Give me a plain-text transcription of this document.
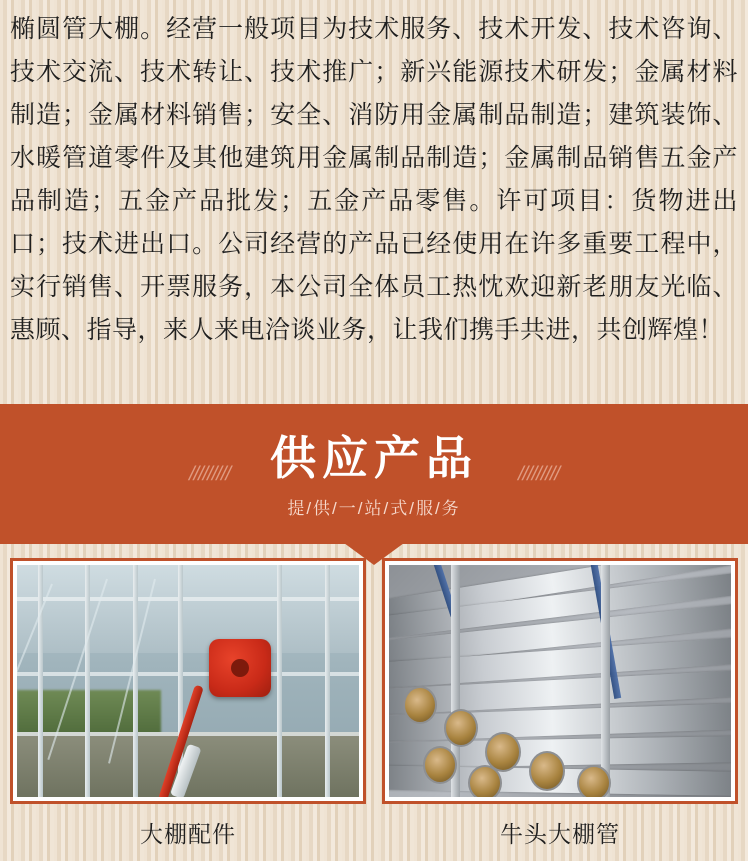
椭圆管大棚。经营一般项目为技术服务、技术开发、技术咨询、技术交流、技术转让、技术推广；新兴能源技术研发；金属材料制造；金属材料销售；安全、消防用金属制品制造；建筑装饰、水暖管道零件及其他建筑用金属制品制造；金属制品销售五金产品制造；五金产品批发；五金产品零售。许可项目：货物进出口；技术进出口。公司经营的产品已经使用在许多重要工程中，实行销售、开票服务，本公司全体员工热忱欢迎新老朋友光临、惠顾、指导，来人来电洽谈业务，让我们携手共进，共创辉煌！
///////// 供应产品
提/供/一/站/式/服/务
/////////
大棚配件	牛头大棚管
